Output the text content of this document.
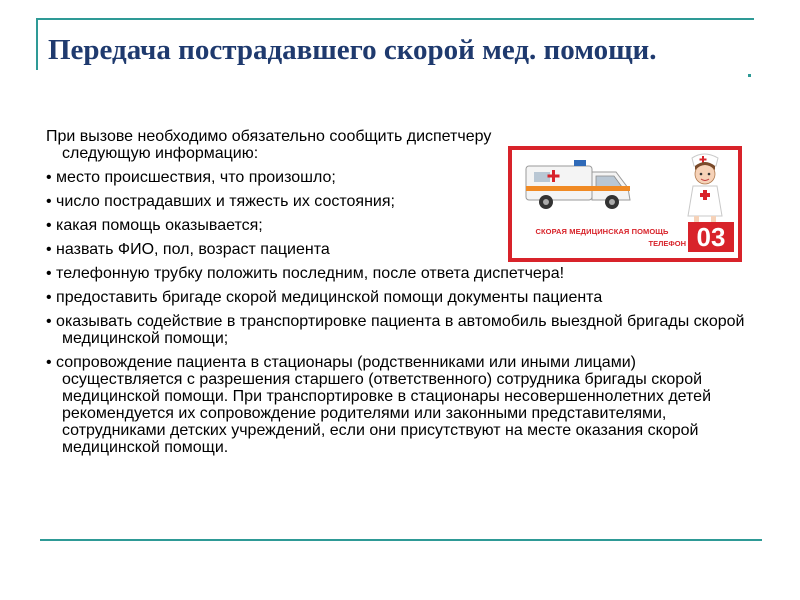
Передача пострадавшего скорой мед. помощи.

При вызове необходимо обязательно сообщить диспетчеру следующую информацию:

• место происшествия, что произошло;

• число пострадавших и тяжесть их состояния;

• какая помощь оказывается;

• назвать ФИО, пол, возраст пациента

• телефонную трубку положить последним, после ответа диспетчера!

• предоставить бригаде скорой медицинской помощи документы пациента

• оказывать содействие в транспортировке пациента в автомобиль выездной бригады скорой медицинской помощи;

• сопровождение пациента в стационары (родственниками или иными лицами) осуществляется с разрешения старшего (ответственного) сотрудника бригады скорой медицинской помощи. При транспортировке в стационары несовершеннолетних детей рекомендуется их сопровождение родителями или законными представителями, сотрудниками детских учреждений, если они присутствуют на месте оказания скорой медицинской помощи.

СКОРАЯ МЕДИЦИНСКАЯ ПОМОЩЬ
ТЕЛЕФОН 03
